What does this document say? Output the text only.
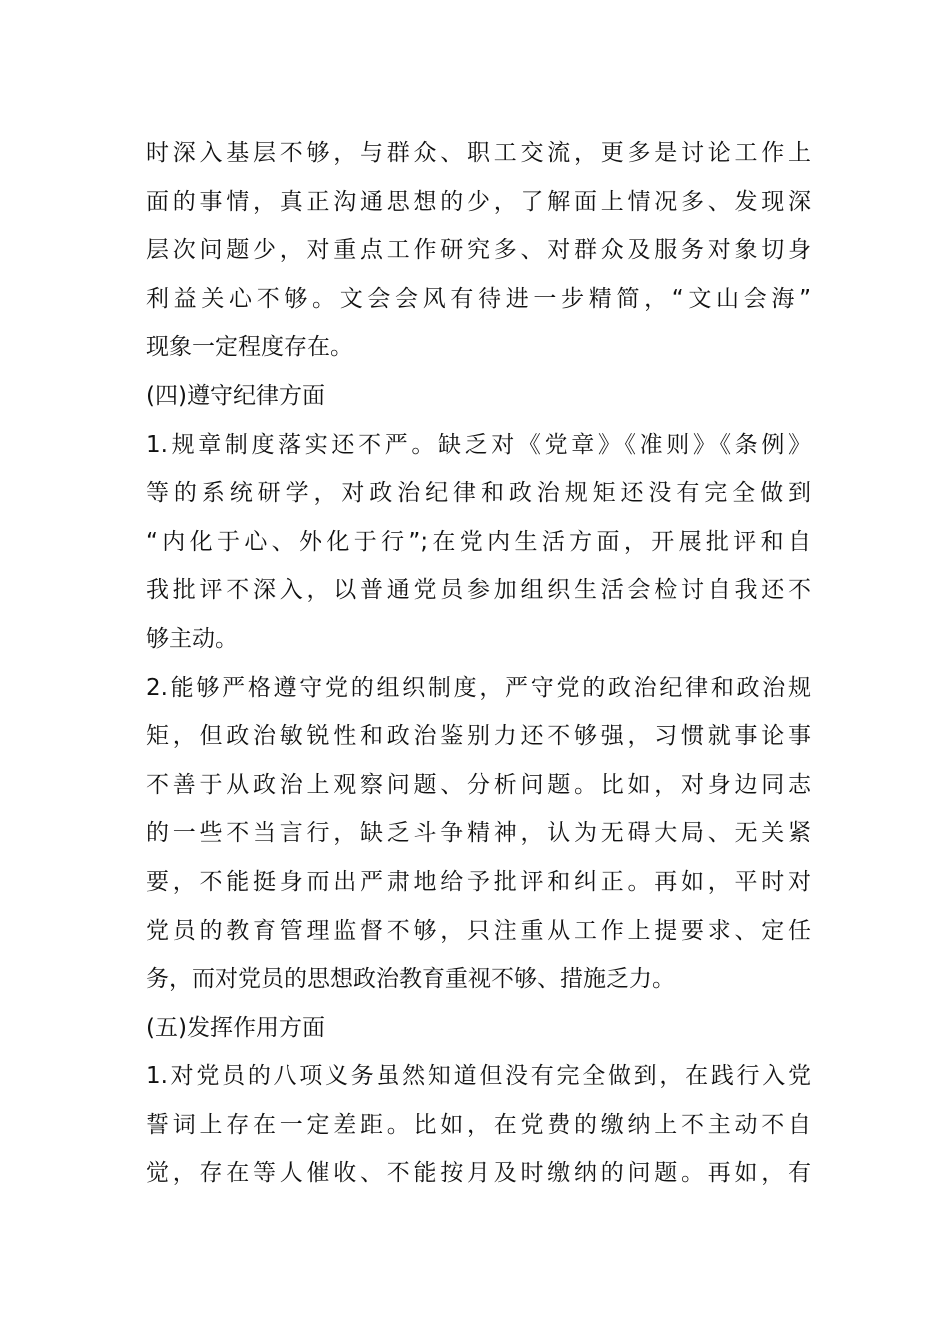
时深入基层不够，与群众、职工交流，更多是讨论工作上
面的事情，真正沟通思想的少，了解面上情况多、发现深
层次问题少，对重点工作研究多、对群众及服务对象切身
利益关心不够。文会会风有待进一步精简，“文山会海”
现象一定程度存在。
(四)遵守纪律方面
1.规章制度落实还不严。缺乏对《党章》《准则》《条例》
等的系统研学，对政治纪律和政治规矩还没有完全做到
“内化于心、外化于行”;在党内生活方面，开展批评和自
我批评不深入，以普通党员参加组织生活会检讨自我还不
够主动。
2.能够严格遵守党的组织制度，严守党的政治纪律和政治规
矩，但政治敏锐性和政治鉴别力还不够强，习惯就事论事
不善于从政治上观察问题、分析问题。比如，对身边同志
的一些不当言行，缺乏斗争精神，认为无碍大局、无关紧
要，不能挺身而出严肃地给予批评和纠正。再如，平时对
党员的教育管理监督不够，只注重从工作上提要求、定任
务，而对党员的思想政治教育重视不够、措施乏力。
(五)发挥作用方面
1.对党员的八项义务虽然知道但没有完全做到，在践行入党
誓词上存在一定差距。比如，在党费的缴纳上不主动不自
觉，存在等人催收、不能按月及时缴纳的问题。再如，有
